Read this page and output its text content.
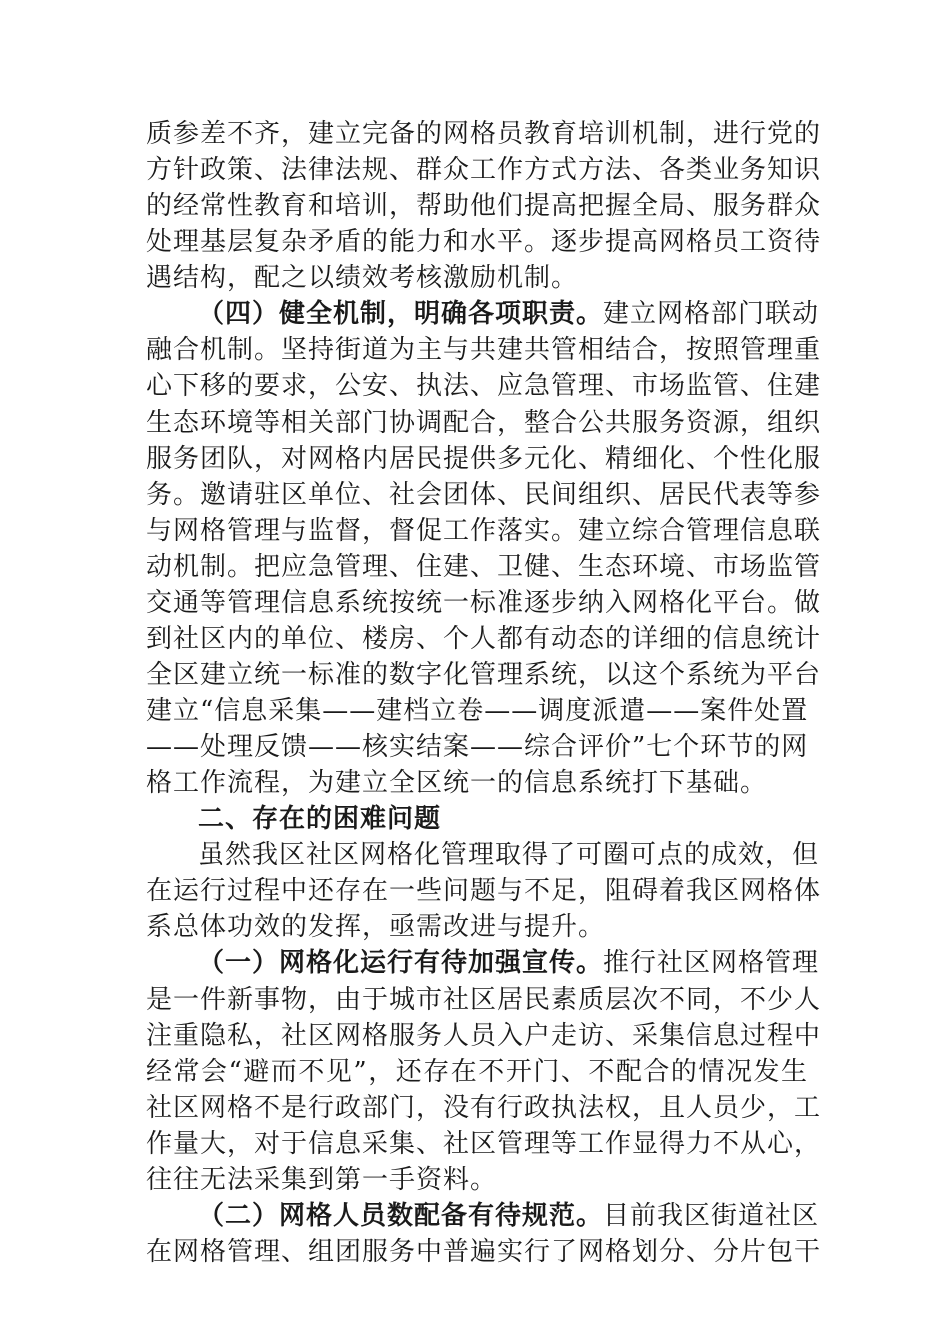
质参差不齐，建立完备的网格员教育培训机制，进行党的
方针政策、法律法规、群众工作方式方法、各类业务知识
的经常性教育和培训，帮助他们提高把握全局、服务群众
处理基层复杂矛盾的能力和水平。逐步提高网格员工资待
遇结构，配之以绩效考核激励机制。
（四）健全机制，明确各项职责。建立网格部门联动
融合机制。坚持街道为主与共建共管相结合，按照管理重
心下移的要求，公安、执法、应急管理、市场监管、住建
生态环境等相关部门协调配合，整合公共服务资源，组织
服务团队，对网格内居民提供多元化、精细化、个性化服
务。邀请驻区单位、社会团体、民间组织、居民代表等参
与网格管理与监督，督促工作落实。建立综合管理信息联
动机制。把应急管理、住建、卫健、生态环境、市场监管
交通等管理信息系统按统一标准逐步纳入网格化平台。做
到社区内的单位、楼房、个人都有动态的详细的信息统计
全区建立统一标准的数字化管理系统，以这个系统为平台
建立“信息采集——建档立卷——调度派遣——案件处置
——处理反馈——核实结案——综合评价”七个环节的网
格工作流程，为建立全区统一的信息系统打下基础。
二、存在的困难问题
虽然我区社区网格化管理取得了可圈可点的成效，但
在运行过程中还存在一些问题与不足，阻碍着我区网格体
系总体功效的发挥，亟需改进与提升。
（一）网格化运行有待加强宣传。推行社区网格管理
是一件新事物，由于城市社区居民素质层次不同，不少人
注重隐私，社区网格服务人员入户走访、采集信息过程中
经常会“避而不见”，还存在不开门、不配合的情况发生
社区网格不是行政部门，没有行政执法权，且人员少，工
作量大，对于信息采集、社区管理等工作显得力不从心，
往往无法采集到第一手资料。
（二）网格人员数配备有待规范。目前我区街道社区
在网格管理、组团服务中普遍实行了网格划分、分片包干
